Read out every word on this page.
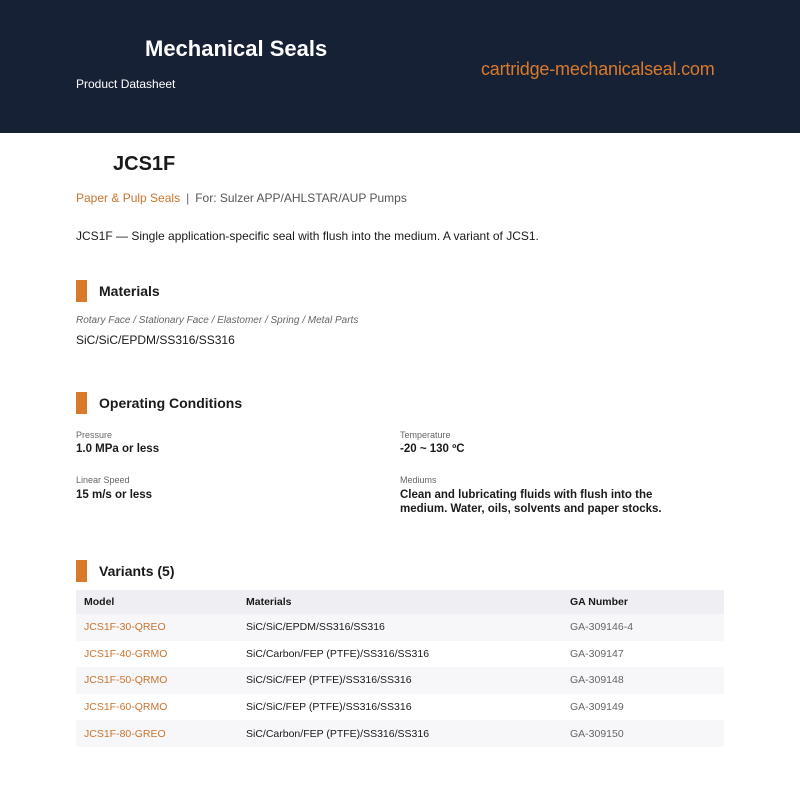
Mechanical Seals
Product Datasheet
cartridge-mechanicalseal.com
JCS1F
Paper & Pulp Seals | For: Sulzer APP/AHLSTAR/AUP Pumps
JCS1F — Single application-specific seal with flush into the medium. A variant of JCS1.
Materials
Rotary Face / Stationary Face / Elastomer / Spring / Metal Parts
SiC/SiC/EPDM/SS316/SS316
Operating Conditions
Pressure
1.0 MPa or less
Temperature
-20 ~ 130 ºC
Linear Speed
15 m/s or less
Mediums
Clean and lubricating fluids with flush into the medium. Water, oils, solvents and paper stocks.
Variants (5)
Model	Materials	GA Number
JCS1F-30-QREO	SiC/SiC/EPDM/SS316/SS316	GA-309146-4
JCS1F-40-GRMO	SiC/Carbon/FEP (PTFE)/SS316/SS316	GA-309147
JCS1F-50-QRMO	SiC/SiC/FEP (PTFE)/SS316/SS316	GA-309148
JCS1F-60-QRMO	SiC/SiC/FEP (PTFE)/SS316/SS316	GA-309149
JCS1F-80-GREO	SiC/Carbon/FEP (PTFE)/SS316/SS316	GA-309150
